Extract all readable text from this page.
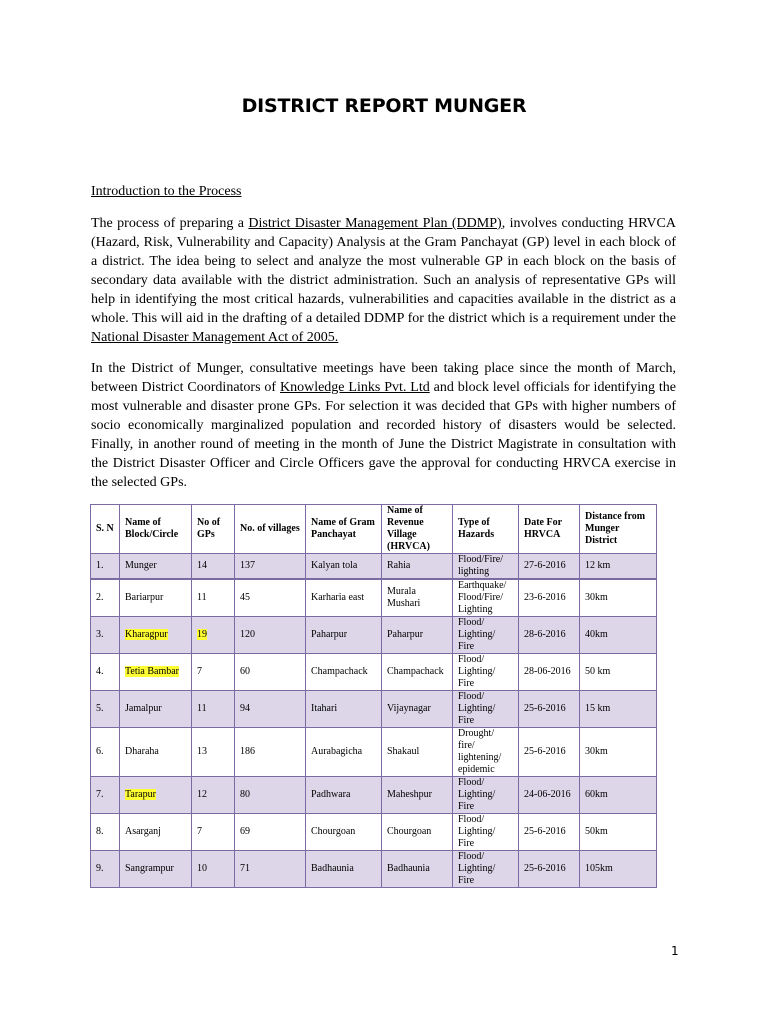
DISTRICT REPORT MUNGER
Introduction to the Process

The process of preparing a District Disaster Management Plan (DDMP), involves conducting HRVCA (Hazard, Risk, Vulnerability and Capacity) Analysis at the Gram Panchayat (GP) level in each block of a district. The idea being to select and analyze the most vulnerable GP in each block on the basis of secondary data available with the district administration. Such an analysis of representative GPs will help in identifying the most critical hazards, vulnerabilities and capacities available in the district as a whole. This will aid in the drafting of a detailed DDMP for the district which is a requirement under the National Disaster Management Act of 2005.

In the District of Munger, consultative meetings have been taking place since the month of March, between District Coordinators of Knowledge Links Pvt. Ltd and block level officials for identifying the most vulnerable and disaster prone GPs. For selection it was decided that GPs with higher numbers of socio economically marginalized population and recorded history of disasters would be selected. Finally, in another round of meeting in the month of June the District Magistrate in consultation with the District Disaster Officer and Circle Officers gave the approval for conducting HRVCA exercise in the selected GPs.

S. N	Name of Block/Circle	No of GPs	No. of villages	Name of Gram Panchayat	Name of Revenue Village (HRVCA)	Type of Hazards	Date For HRVCA	Distance from Munger District
1.	Munger	14	137	Kalyan tola	Rahia	Flood/Fire/ lighting	27-6-2016	12 km
2.	Bariarpur	11	45	Karharia east	Murala Mushari	Earthquake/ Flood/Fire/ Lighting	23-6-2016	30km
3.	Kharagpur	19	120	Paharpur	Paharpur	Flood/ Lighting/ Fire	28-6-2016	40km
4.	Tetia Bambar	7	60	Champachack	Champachack	Flood/ Lighting/ Fire	28-06-2016	50 km
5.	Jamalpur	11	94	Itahari	Vijaynagar	Flood/ Lighting/ Fire	25-6-2016	15 km
6.	Dharaha	13	186	Aurabagicha	Shakaul	Drought/ fire/ lightening/ epidemic	25-6-2016	30km
7.	Tarapur	12	80	Padhwara	Maheshpur	Flood/ Lighting/ Fire	24-06-2016	60km
8.	Asarganj	7	69	Chourgoan	Chourgoan	Flood/ Lighting/ Fire	25-6-2016	50km
9.	Sangrampur	10	71	Badhaunia	Badhaunia	Flood/ Lighting/ Fire	25-6-2016	105km
1
